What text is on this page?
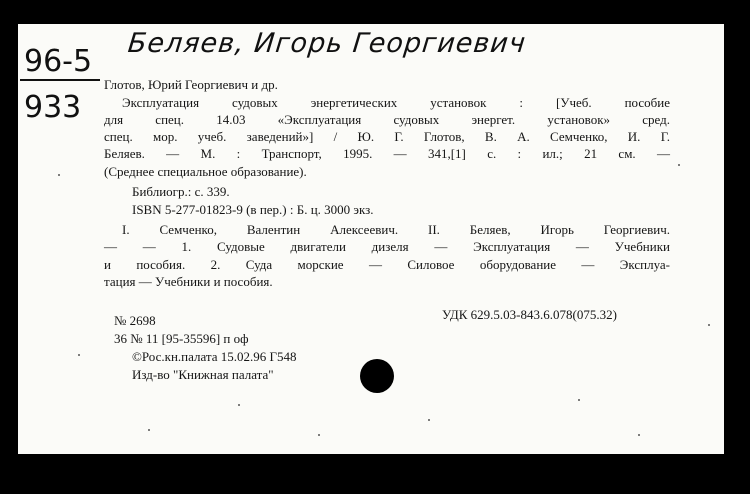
Беляев, Игорь Георгиевич
96-5
933
Глотов, Юрий Георгиевич и др.
Эксплуатация судовых энергетических установок : [Учеб. пособие
для спец. 14.03 «Эксплуатация судовых энергет. установок» сред.
спец. мор. учеб. заведений»] / Ю. Г. Глотов, В. А. Семченко, И. Г.
Беляев. — М. : Транспорт, 1995. — 341,[1] с. : ил.; 21 см. —
(Среднее специальное образование).
Библиогр.: с. 339.
ISBN 5-277-01823-9 (в пер.) : Б. ц. 3000 экз.
I. Семченко, Валентин Алексеевич. II. Беляев, Игорь Георгиевич.
— — 1. Судовые двигатели дизеля — Эксплуатация — Учебники
и пособия. 2. Суда морские — Силовое оборудование — Эксплуа-
тация — Учебники и пособия.
УДК 629.5.03-843.6.078(075.32)
№ 2698
36 № 11 [95-35596] п оф
©Рос.кн.палата 15.02.96 Г548
Изд-во "Книжная палата"
